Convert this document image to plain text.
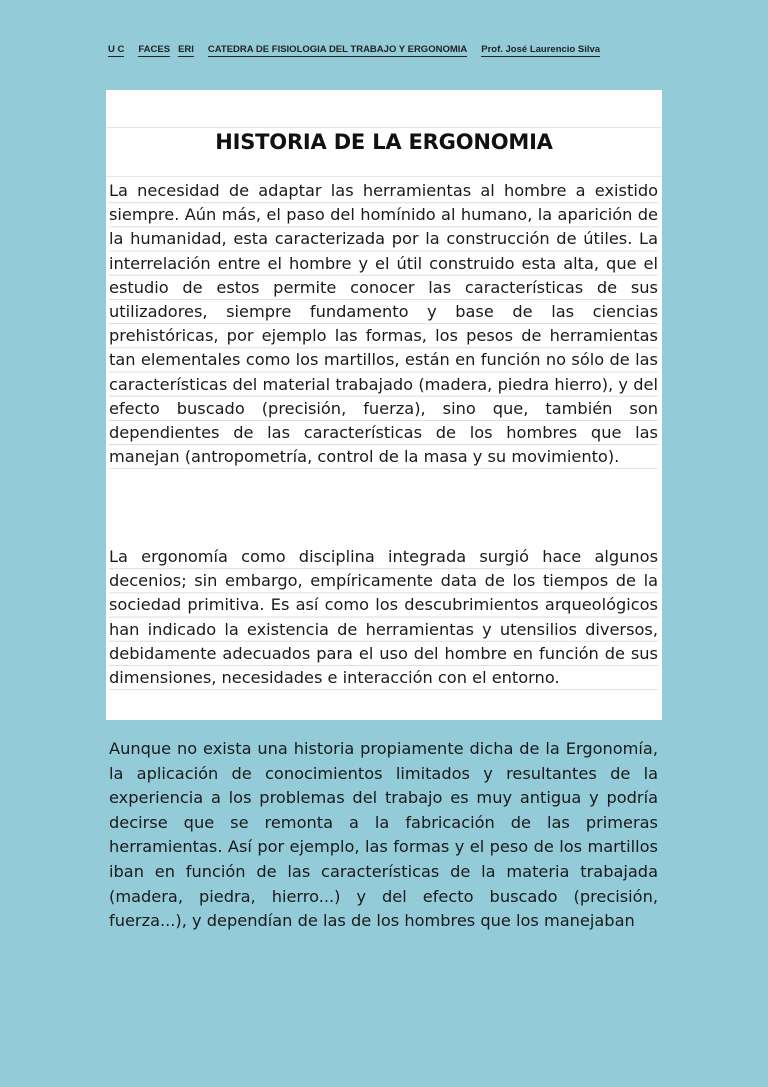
U C FACES ERI CATEDRA DE FISIOLOGIA DEL TRABAJO Y ERGONOMIA Prof. José Laurencio Silva
HISTORIA DE LA ERGONOMIA

La necesidad de adaptar las herramientas al hombre a existido siempre. Aún más, el paso del homínido al humano, la aparición de la humanidad, esta caracterizada por la construcción de útiles. La interrelación entre el hombre y el útil construido esta alta, que el estudio de estos permite conocer las características de sus utilizadores, siempre fundamento y base de las ciencias prehistóricas, por ejemplo las formas, los pesos de herramientas tan elementales como los martillos, están en función no sólo de las características del material trabajado (madera, piedra hierro), y del efecto buscado (precisión, fuerza), sino que, también son dependientes de las características de los hombres que las manejan (antropometría, control de la masa y su movimiento).

La ergonomía como disciplina integrada surgió hace algunos decenios; sin embargo, empíricamente data de los tiempos de la sociedad primitiva. Es así como los descubrimientos arqueológicos han indicado la existencia de herramientas y utensilios diversos, debidamente adecuados para el uso del hombre en función de sus dimensiones, necesidades e interacción con el entorno.

Aunque no exista una historia propiamente dicha de la Ergonomía, la aplicación de conocimientos limitados y resultantes de la experiencia a los problemas del trabajo es muy antigua y podría decirse que se remonta a la fabricación de las primeras herramientas. Así por ejemplo, las formas y el peso de los martillos iban en función de las características de la materia trabajada (madera, piedra, hierro...) y del efecto buscado (precisión, fuerza...), y dependían de las de los hombres que los manejaban
